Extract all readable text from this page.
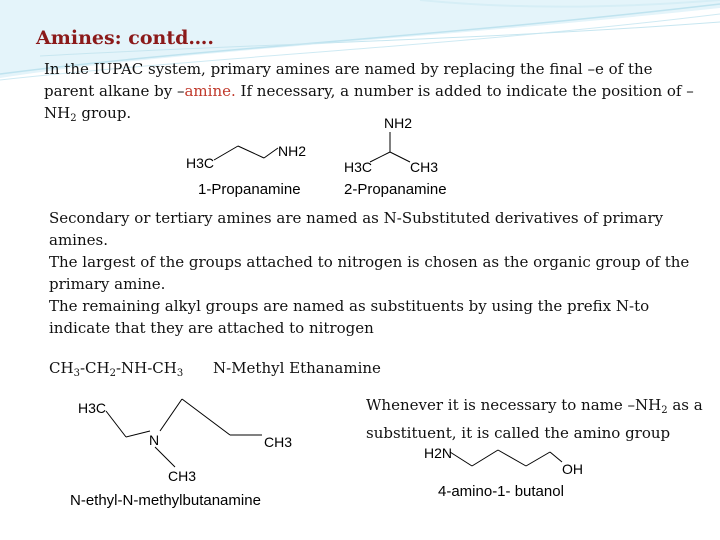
Amines: contd….
In the IUPAC system, primary amines are named by replacing the final –e of the parent alkane by –amine. If necessary, a number is added to indicate the position of $-NH_2$ group.
H3C
NH2
1-Propanamine
NH2
H3C	CH3
2-Propanamine
Secondary or tertiary amines are named as N-Substituted derivatives of primary amines.
The largest of the groups attached to nitrogen is chosen as the organic group of the primary amine.
The remaining alkyl groups are named as substituents by using the prefix N-to indicate that they are attached to nitrogen
$CH_3-CH_2-NH-CH_3$ N-Methyl Ethanamine
H3C
N	CH3
CH3
N-ethyl-N-methylbutanamine
Whenever it is necessary to name $-NH_2$ as a substituent, it is called the amino group
H2N
OH
4-amino-1- butanol
